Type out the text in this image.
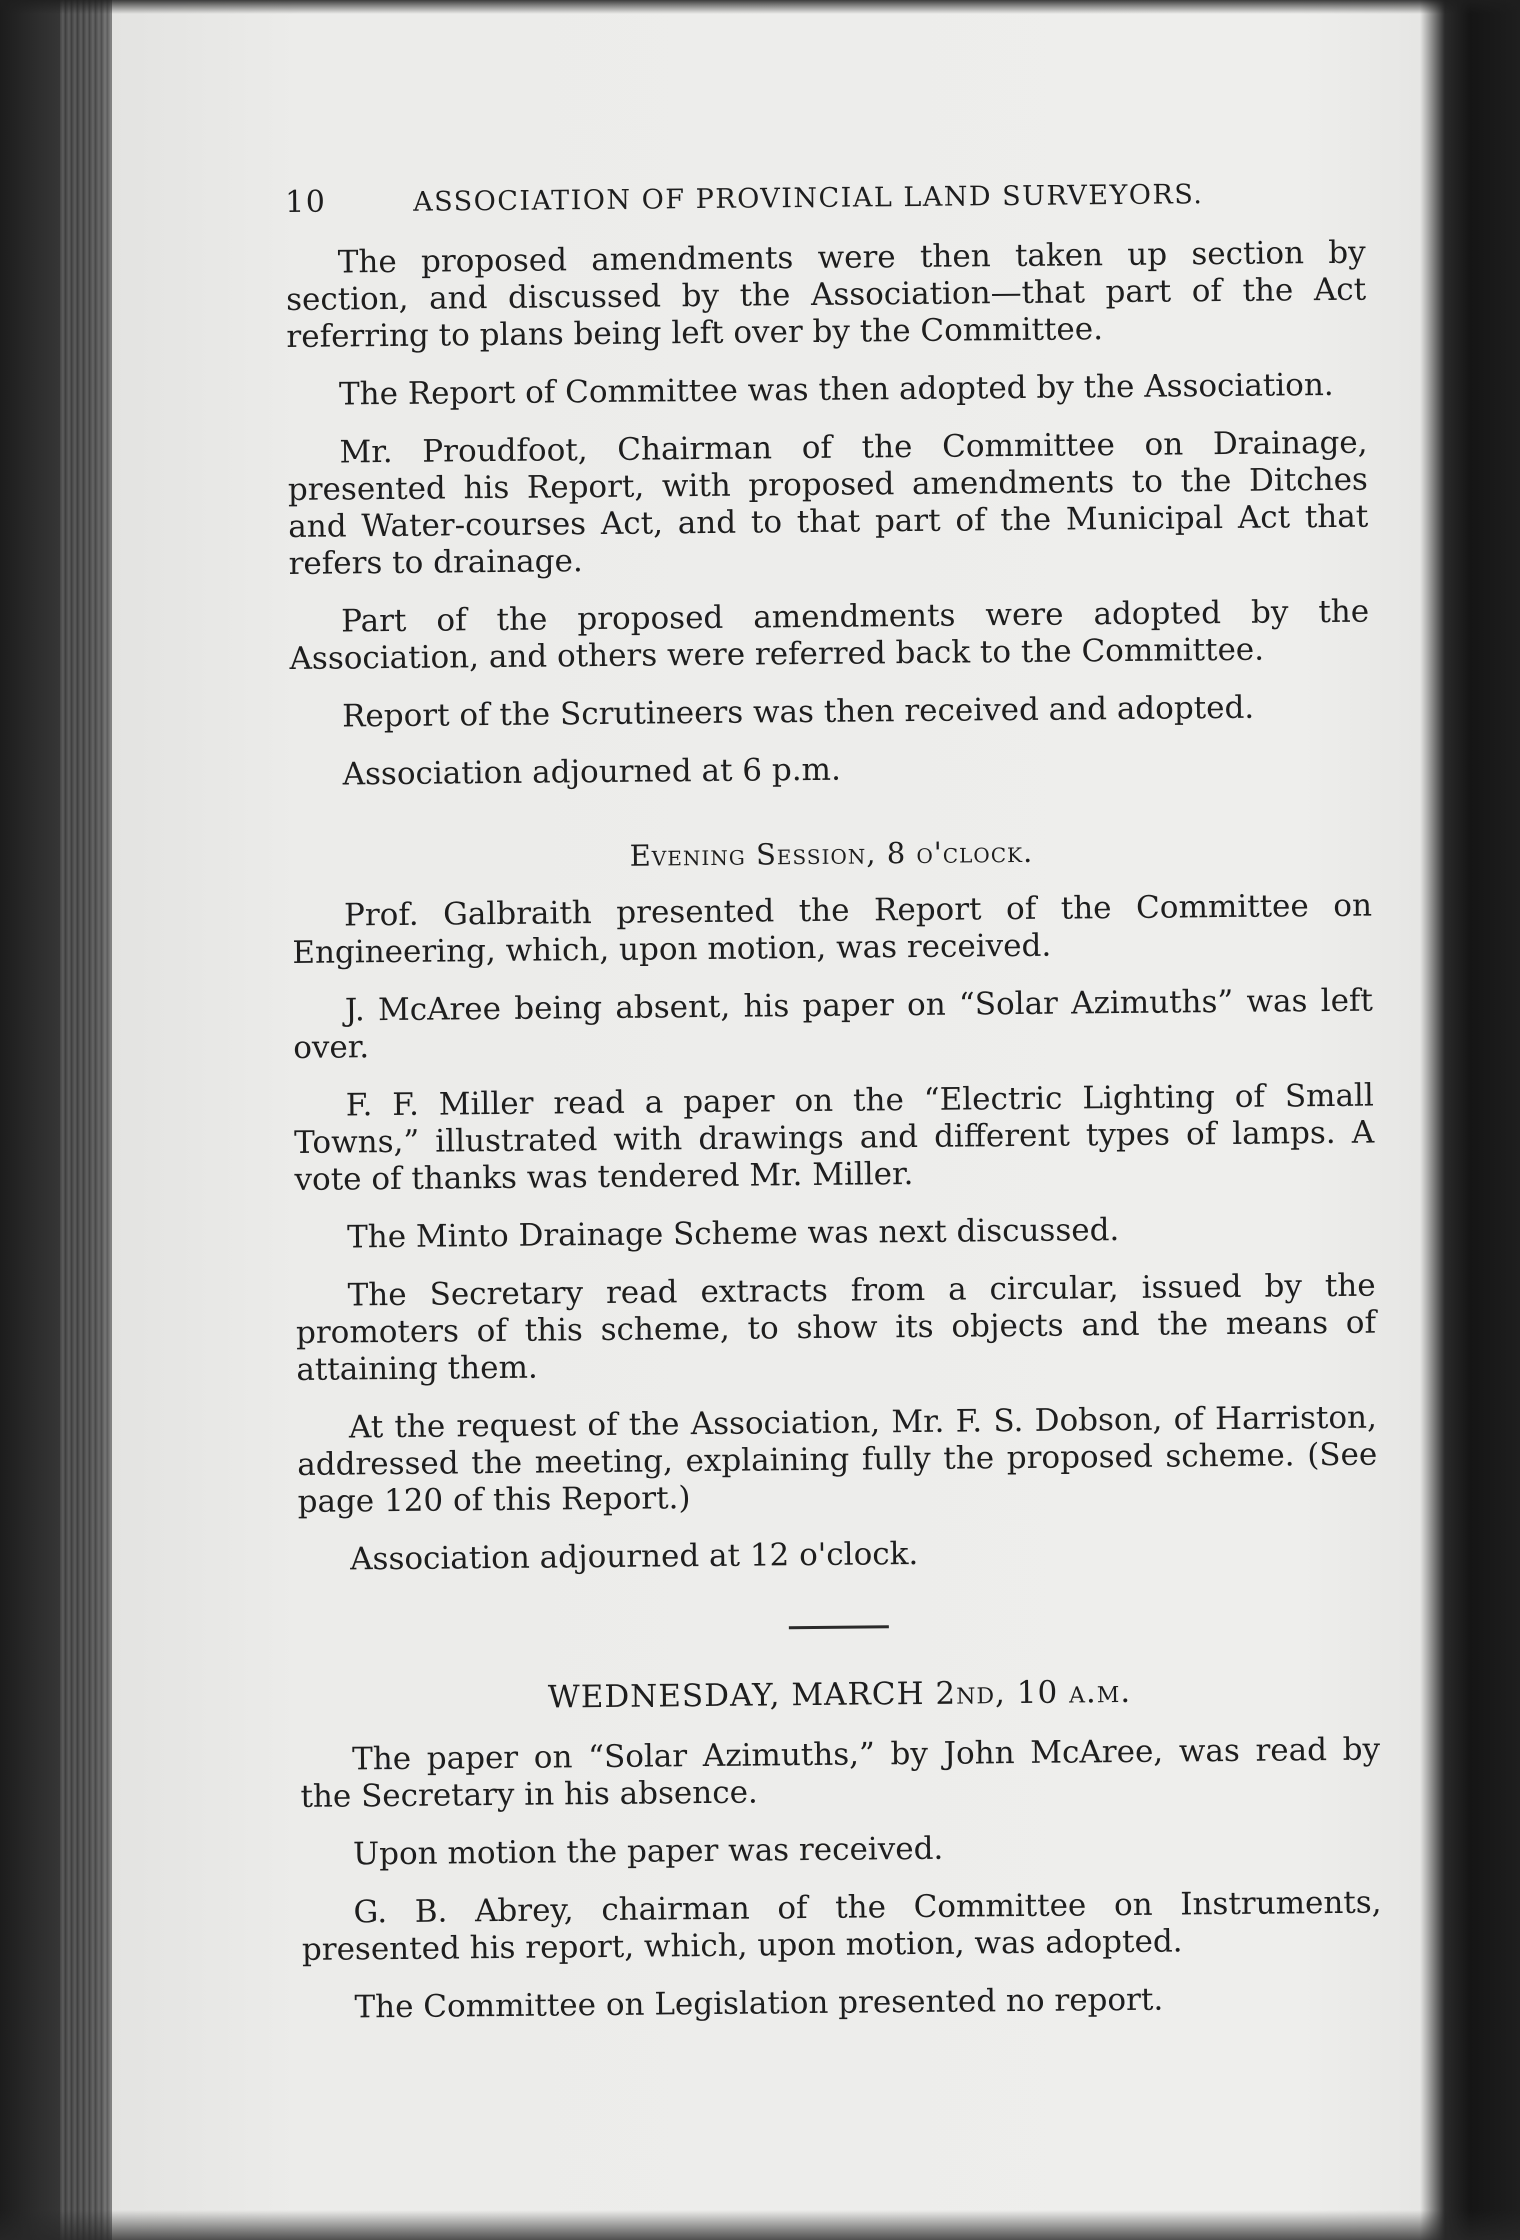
10	ASSOCIATION OF PROVINCIAL LAND SURVEYORS.

The proposed amendments were then taken up section by section, and discussed by the Association—that part of the Act referring to plans being left over by the Committee.

The Report of Committee was then adopted by the Association.

Mr. Proudfoot, Chairman of the Committee on Drainage, presented his Report, with proposed amendments to the Ditches and Water-courses Act, and to that part of the Municipal Act that refers to drainage.

Part of the proposed amendments were adopted by the Association, and others were referred back to the Committee.

Report of the Scrutineers was then received and adopted.

Association adjourned at 6 p.m.

Evening Session, 8 o'clock.

Prof. Galbraith presented the Report of the Committee on Engineering, which, upon motion, was received.

J. McAree being absent, his paper on “Solar Azimuths” was left over.

F. F. Miller read a paper on the “Electric Lighting of Small Towns,” illustrated with drawings and different types of lamps. A vote of thanks was tendered Mr. Miller.

The Minto Drainage Scheme was next discussed.

The Secretary read extracts from a circular, issued by the promoters of this scheme, to show its objects and the means of attaining them.

At the request of the Association, Mr. F. S. Dobson, of Harriston, addressed the meeting, explaining fully the proposed scheme. (See page 120 of this Report.)

Association adjourned at 12 o'clock.

WEDNESDAY, MARCH 2nd, 10 a.m.

The paper on “Solar Azimuths,” by John McAree, was read by the Secretary in his absence.

Upon motion the paper was received.

G. B. Abrey, chairman of the Committee on Instruments, presented his report, which, upon motion, was adopted.

The Committee on Legislation presented no report.
